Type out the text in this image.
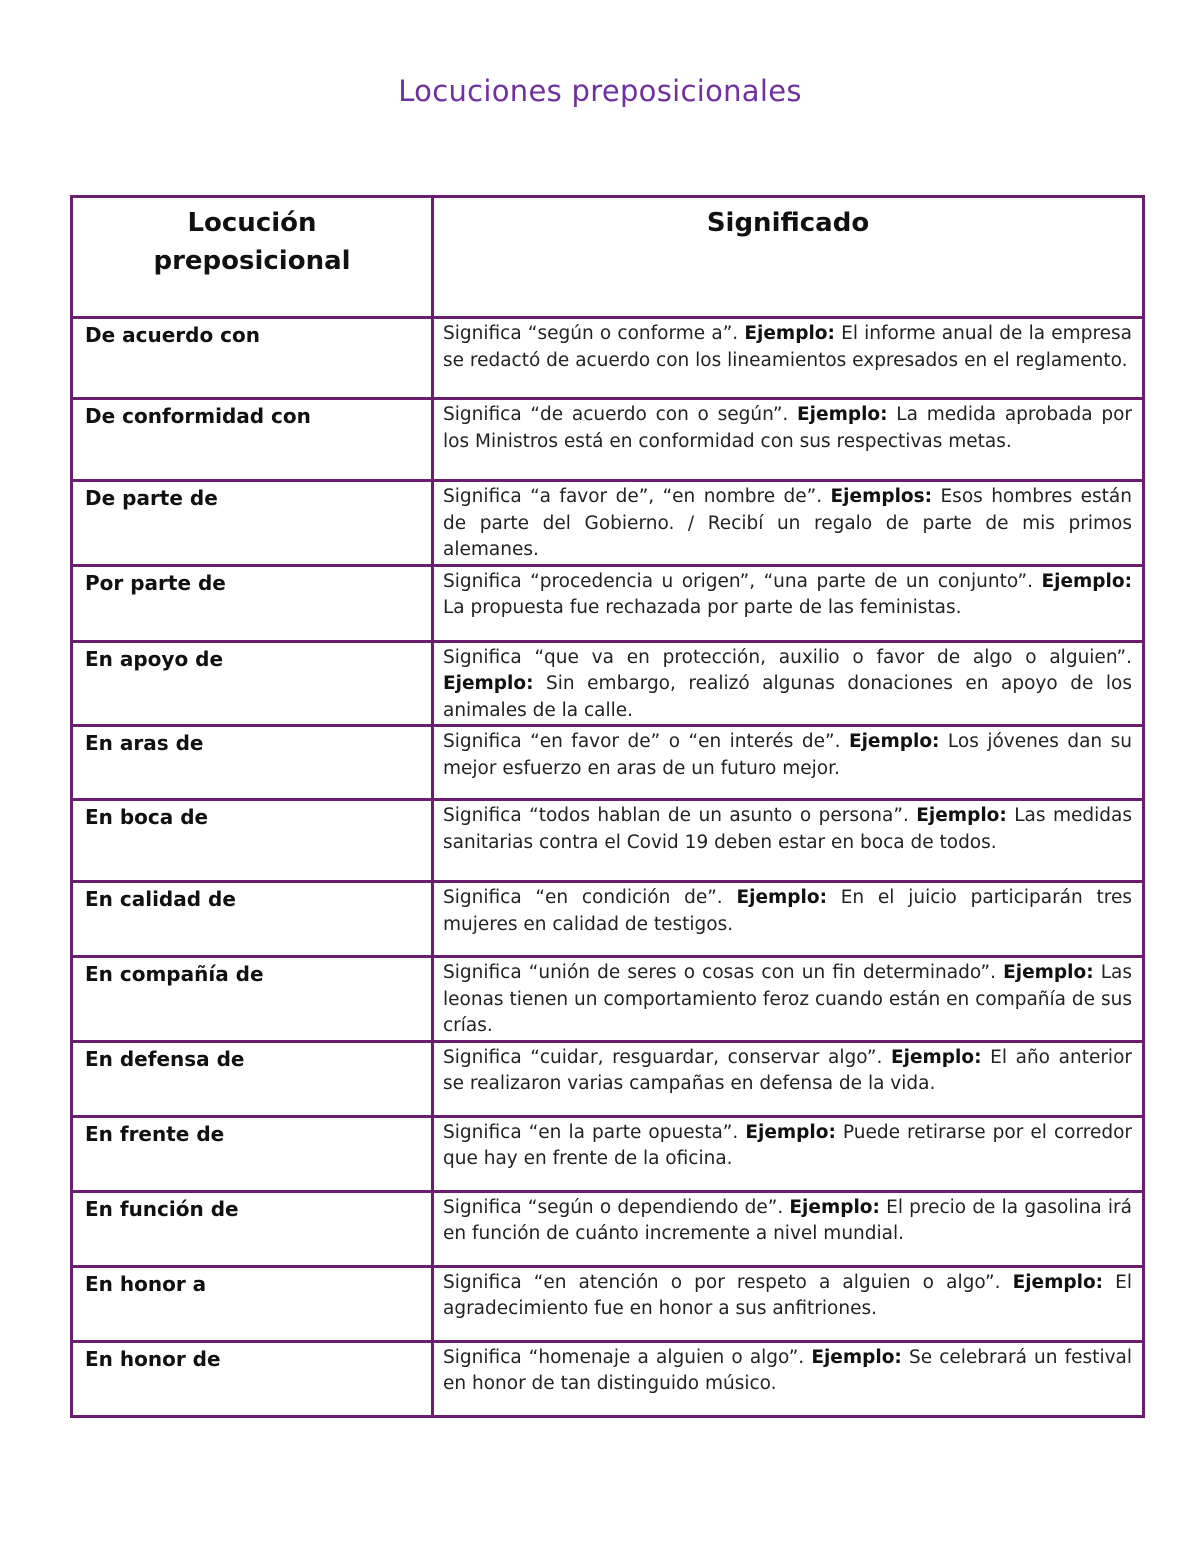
Locuciones preposicionales
Locución preposicional	Significado

De acuerdo con	Significa “según o conforme a”. Ejemplo: El informe anual de la empresa se redactó de acuerdo con los lineamientos expresados en el reglamento.
De conformidad con	Significa “de acuerdo con o según”. Ejemplo: La medida aprobada por los Ministros está en conformidad con sus respectivas metas.
De parte de	Significa “a favor de”, “en nombre de”. Ejemplos: Esos hombres están de parte del Gobierno. / Recibí un regalo de parte de mis primos alemanes.
Por parte de	Significa “procedencia u origen”, “una parte de un conjunto”. Ejemplo: La propuesta fue rechazada por parte de las feministas.
En apoyo de	Significa “que va en protección, auxilio o favor de algo o alguien”. Ejemplo: Sin embargo, realizó algunas donaciones en apoyo de los animales de la calle.
En aras de	Significa “en favor de” o “en interés de”. Ejemplo: Los jóvenes dan su mejor esfuerzo en aras de un futuro mejor.
En boca de	Significa “todos hablan de un asunto o persona”. Ejemplo: Las medidas sanitarias contra el Covid 19 deben estar en boca de todos.
En calidad de	Significa “en condición de”. Ejemplo: En el juicio participarán tres mujeres en calidad de testigos.
En compañía de	Significa “unión de seres o cosas con un fin determinado”. Ejemplo: Las leonas tienen un comportamiento feroz cuando están en compañía de sus crías.
En defensa de	Significa “cuidar, resguardar, conservar algo”. Ejemplo: El año anterior se realizaron varias campañas en defensa de la vida.
En frente de	Significa “en la parte opuesta”. Ejemplo: Puede retirarse por el corredor que hay en frente de la oficina.
En función de	Significa “según o dependiendo de”. Ejemplo: El precio de la gasolina irá en función de cuánto incremente a nivel mundial.
En honor a	Significa “en atención o por respeto a alguien o algo”. Ejemplo: El agradecimiento fue en honor a sus anfitriones.
En honor de	Significa “homenaje a alguien o algo”. Ejemplo: Se celebrará un festival en honor de tan distinguido músico.
